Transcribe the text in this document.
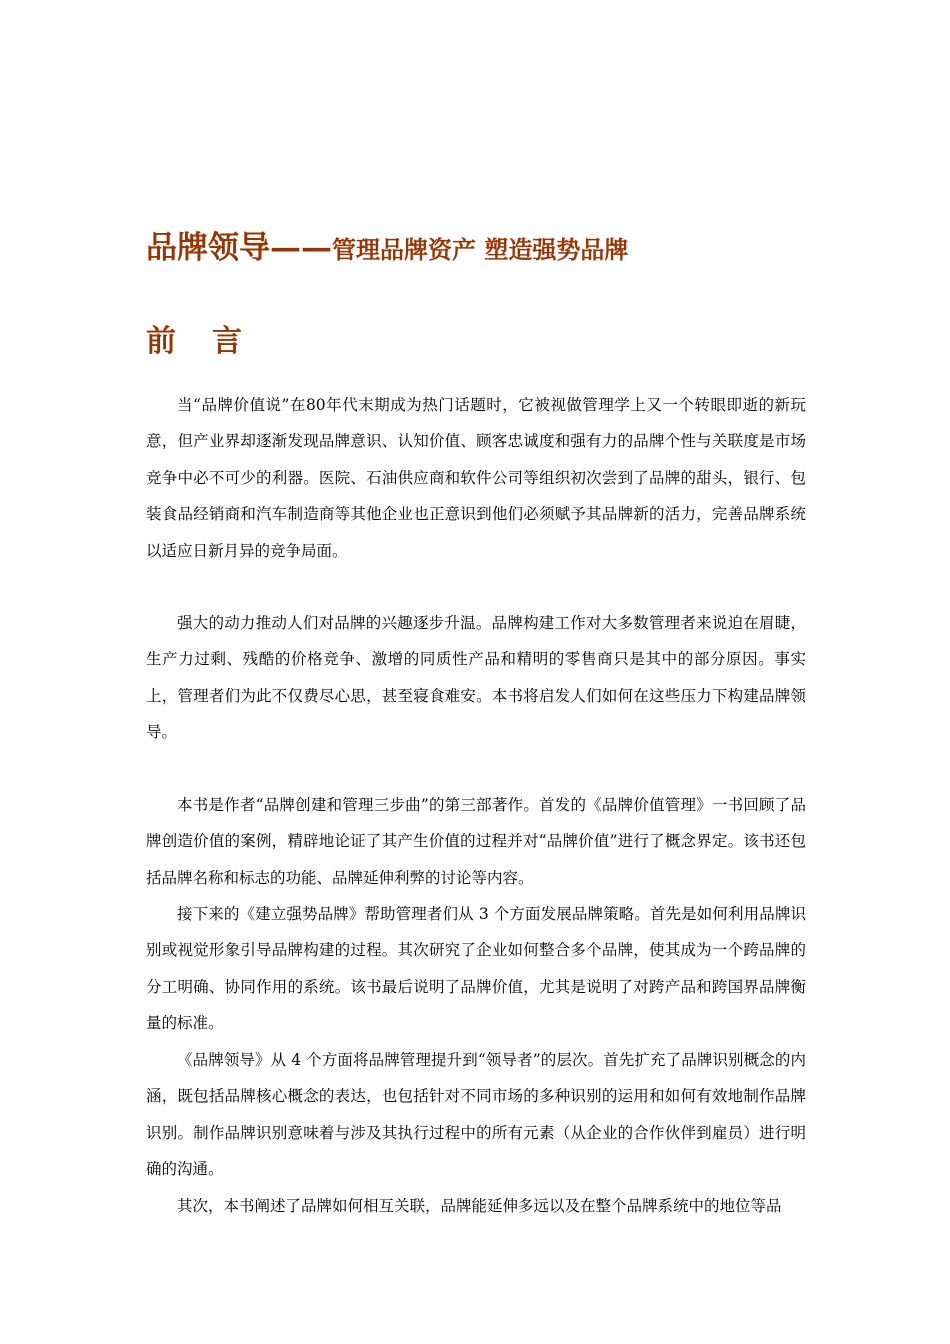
品牌领导——管理品牌资产 塑造强势品牌
前 言

当“品牌价值说”在80年代末期成为热门话题时，它被视做管理学上又一个转眼即逝的新玩意，但产业界却逐渐发现品牌意识、认知价值、顾客忠诚度和强有力的品牌个性与关联度是市场竞争中必不可少的利器。医院、石油供应商和软件公司等组织初次尝到了品牌的甜头，银行、包装食品经销商和汽车制造商等其他企业也正意识到他们必须赋予其品牌新的活力，完善品牌系统以适应日新月异的竞争局面。

强大的动力推动人们对品牌的兴趣逐步升温。品牌构建工作对大多数管理者来说迫在眉睫，生产力过剩、残酷的价格竞争、激增的同质性产品和精明的零售商只是其中的部分原因。事实上，管理者们为此不仅费尽心思，甚至寝食难安。本书将启发人们如何在这些压力下构建品牌领导。

本书是作者“品牌创建和管理三步曲”的第三部著作。首发的《品牌价值管理》一书回顾了品牌创造价值的案例，精辟地论证了其产生价值的过程并对“品牌价值”进行了概念界定。该书还包括品牌名称和标志的功能、品牌延伸利弊的讨论等内容。

接下来的《建立强势品牌》帮助管理者们从 3 个方面发展品牌策略。首先是如何利用品牌识别或视觉形象引导品牌构建的过程。其次研究了企业如何整合多个品牌，使其成为一个跨品牌的分工明确、协同作用的系统。该书最后说明了品牌价值，尤其是说明了对跨产品和跨国界品牌衡量的标准。

《品牌领导》从 4 个方面将品牌管理提升到“领导者”的层次。首先扩充了品牌识别概念的内涵，既包括品牌核心概念的表达，也包括针对不同市场的多种识别的运用和如何有效地制作品牌识别。制作品牌识别意味着与涉及其执行过程中的所有元素（从企业的合作伙伴到雇员）进行明确的沟通。

其次，本书阐述了品牌如何相互关联，品牌能延伸多远以及在整个品牌系统中的地位等品
